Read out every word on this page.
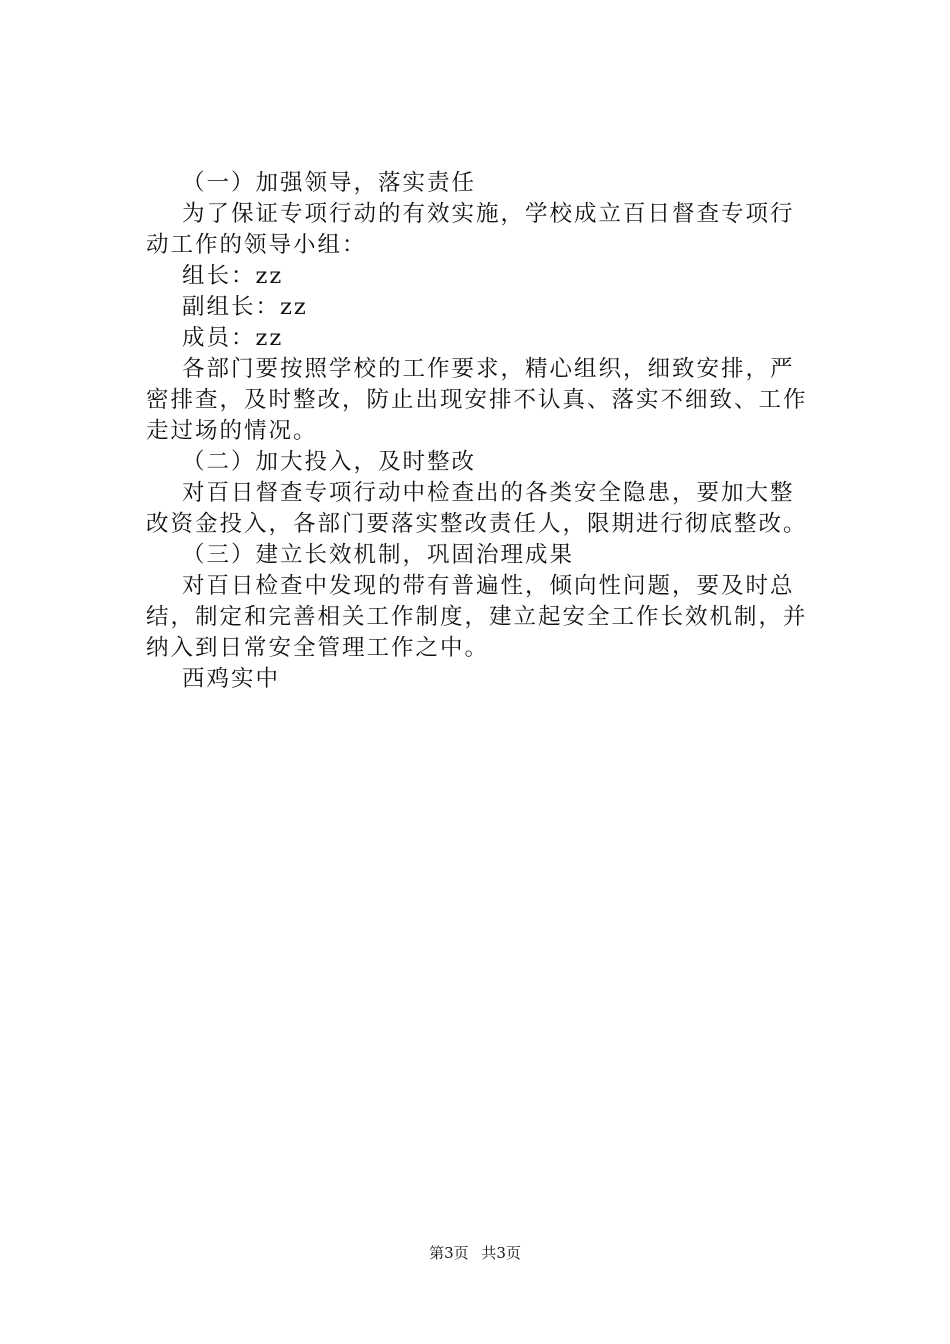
（一）加强领导，落实责任
为了保证专项行动的有效实施，学校成立百日督查专项行
动工作的领导小组：
组长：zz
副组长：zz
成员：zz
各部门要按照学校的工作要求，精心组织，细致安排，严
密排查，及时整改，防止出现安排不认真、落实不细致、工作
走过场的情况。
（二）加大投入，及时整改
对百日督查专项行动中检查出的各类安全隐患，要加大整
改资金投入，各部门要落实整改责任人，限期进行彻底整改。
（三）建立长效机制，巩固治理成果
对百日检查中发现的带有普遍性，倾向性问题，要及时总
结，制定和完善相关工作制度，建立起安全工作长效机制，并
纳入到日常安全管理工作之中。
西鸡实中
第3页 共3页
